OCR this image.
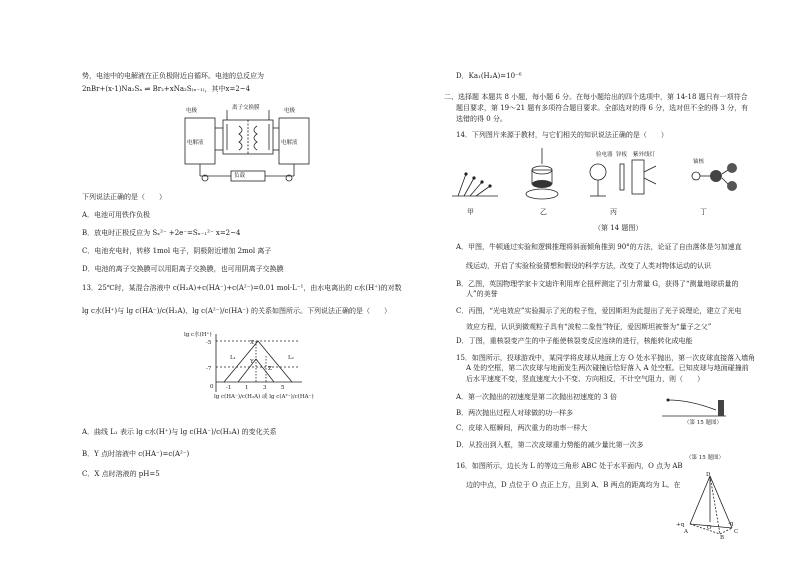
势，电池中的电解液在正负极附近自循环。电池的总反应为
2nBr+(x-1)Na₂Sₓ ⇌ Br₂+xNa₂S₍ₓ₋₁₎，其中x=2~4
电极	电极
离子交换膜
电解液	电解液
负载
下列说法正确的是（　　）
A．电池可用铁作负极
B．放电时正极反应为 Sₓ²⁻ +2e⁻=Sₓ₋₁²⁻ x=2~4
C．电池充电时，转移 1mol 电子，阴极附近增加 2mol 离子
D．电池的离子交换膜可以用阳离子交换膜，也可用阴离子交换膜
13．25℃时，某混合溶液中 c(H₂A)+c(HA⁻)+c(A²⁻)=0.01 mol·L⁻¹，由水电离出的 c水(H⁺)的对数
lg c水(H⁺)与 lg c(HA⁻)/c(H₂A)、lg c(A²⁻)/c(HA⁻) 的关系如图所示。下列说法正确的是（　　）
lg c水(H⁺)
-5
-7
0 -1 1	3	5
X
Y
Z
L₁	L₂
lg c(HA⁻)/c(H₂A) 或 lg c(A²⁻)/c(HA⁻)
A．曲线 L₁ 表示 lg c水(H⁺)与 lg c(HA⁻)/c(H₂A) 的变化关系
B．Y 点时溶液中 c(HA⁻)=c(A²⁻)
C．X 点时溶液的 pH=5
D．Ka₁(H₂A)=10⁻⁶
二、选择题 本题共 8 小题，每小题 6 分。在每小题给出的四个选项中，第 14-18 题只有一项符合
题目要求，第 19～21 题有多项符合题目要求。全部选对的得 6 分，选对但不全的得 3 分，有
选错的得 0 分。
14．下列图片来源于教材，与它们相关的知识说法正确的是（　　）
验电器 锌板 紫外线灯
铀核
甲	乙	丙	丁
（第 14 题图）
A．甲图，牛顿通过实验和逻辑推理将斜面倾角推到 90°的方法，论证了自由落体是匀加速直
线运动，开启了实验检验猜想和假设的科学方法，改变了人类对物体运动的认识
B．乙图，英国物理学家卡文迪许利用库仑扭秤测定了引力常量 G，获得了“测量地球质量的
人”的美誉
C．丙图，“光电效应”实验揭示了光的粒子性，爱因斯坦为此提出了光子说理论，建立了光电
效应方程，认识到微观粒子具有“波粒二象性”特征，爱因斯坦被誉为“量子之父”
D．丁图，重核裂变产生的中子能使核裂变反应连续的进行，核能转化成电能
15．如图所示，投球游戏中，某同学将皮球从地面上方 O 处水平抛出，第一次皮球直接落入墙角
A 处的空框，第二次皮球与地面发生两次碰撞后恰好落入 A 处空框。已知皮球与地面碰撞前
后水平速度不变，竖直速度大小不变、方向相反，不计空气阻力，则（　　）
A．第一次抛出的初速度是第二次抛出初速度的 3 倍
B．两次抛出过程人对球做的功一样多
C．皮球入框瞬间，两次重力的功率一样大
D．从投出到入框，第二次皮球重力势能的减少量比第一次多
（第 15 题图）
（第 15 题图）
16．如图所示，边长为 L 的等边三角形 ABC 处于水平面内，O 点为 AB
边的中点，D 点位于 O 点正上方，且到 A、B 两点的距离均为 L。在
D
A
O
B
C
+q	-q
